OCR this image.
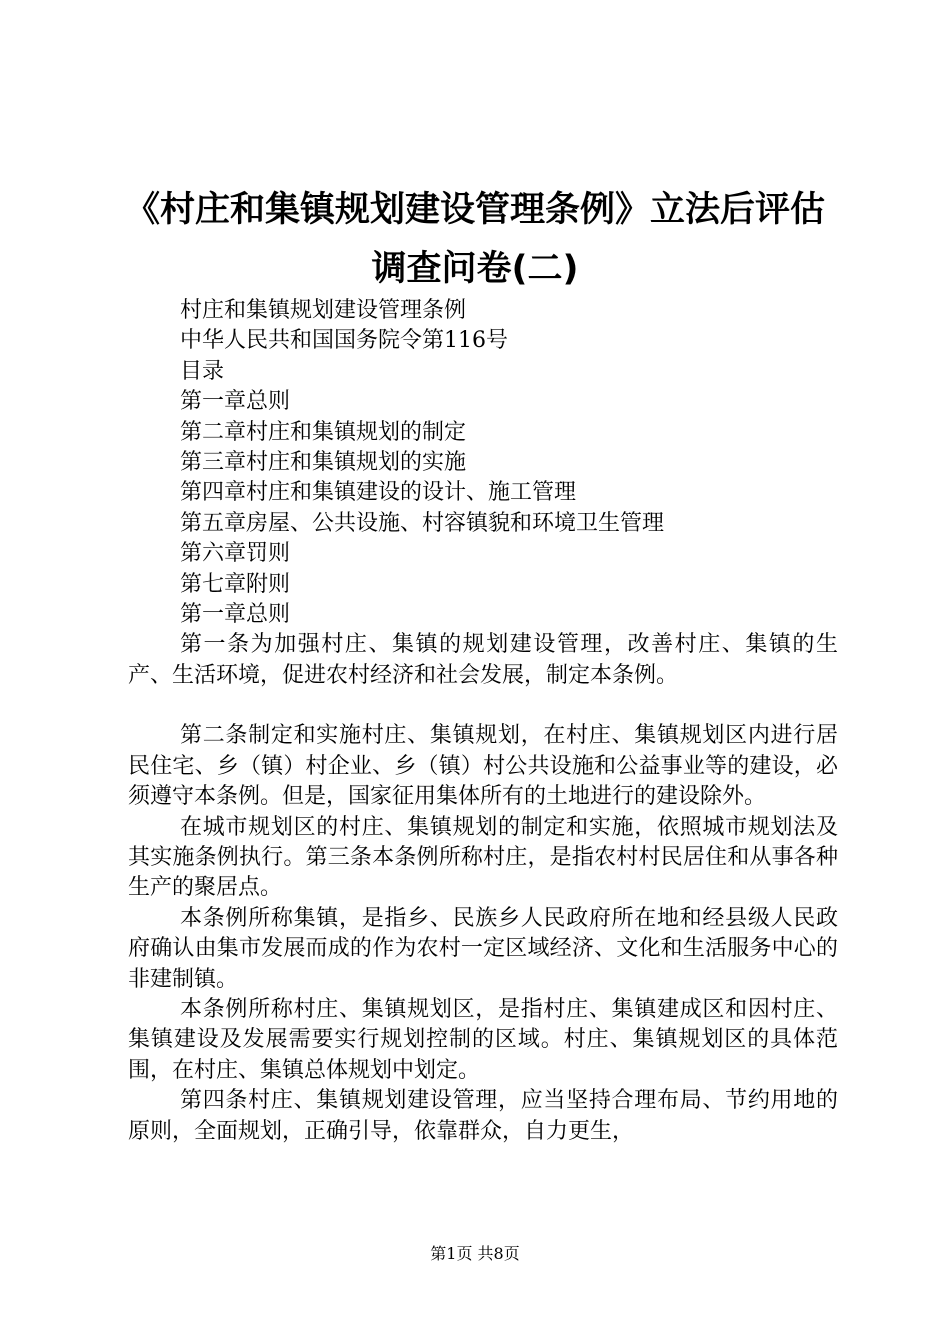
《村庄和集镇规划建设管理条例》立法后评估
调查问卷(二)
村庄和集镇规划建设管理条例
中华人民共和国国务院令第116号
目录
第一章总则
第二章村庄和集镇规划的制定
第三章村庄和集镇规划的实施
第四章村庄和集镇建设的设计、施工管理
第五章房屋、公共设施、村容镇貌和环境卫生管理
第六章罚则
第七章附则
第一章总则

第一条为加强村庄、集镇的规划建设管理，改善村庄、集镇的生产、生活环境，促进农村经济和社会发展，制定本条例。

第二条制定和实施村庄、集镇规划，在村庄、集镇规划区内进行居民住宅、乡（镇）村企业、乡（镇）村公共设施和公益事业等的建设，必须遵守本条例。但是，国家征用集体所有的土地进行的建设除外。

在城市规划区的村庄、集镇规划的制定和实施，依照城市规划法及其实施条例执行。第三条本条例所称村庄，是指农村村民居住和从事各种生产的聚居点。

本条例所称集镇，是指乡、民族乡人民政府所在地和经县级人民政府确认由集市发展而成的作为农村一定区域经济、文化和生活服务中心的非建制镇。

本条例所称村庄、集镇规划区，是指村庄、集镇建成区和因村庄、集镇建设及发展需要实行规划控制的区域。村庄、集镇规划区的具体范围，在村庄、集镇总体规划中划定。

第四条村庄、集镇规划建设管理，应当坚持合理布局、节约用地的原则，全面规划，正确引导，依靠群众，自力更生，

第1页 共8页
